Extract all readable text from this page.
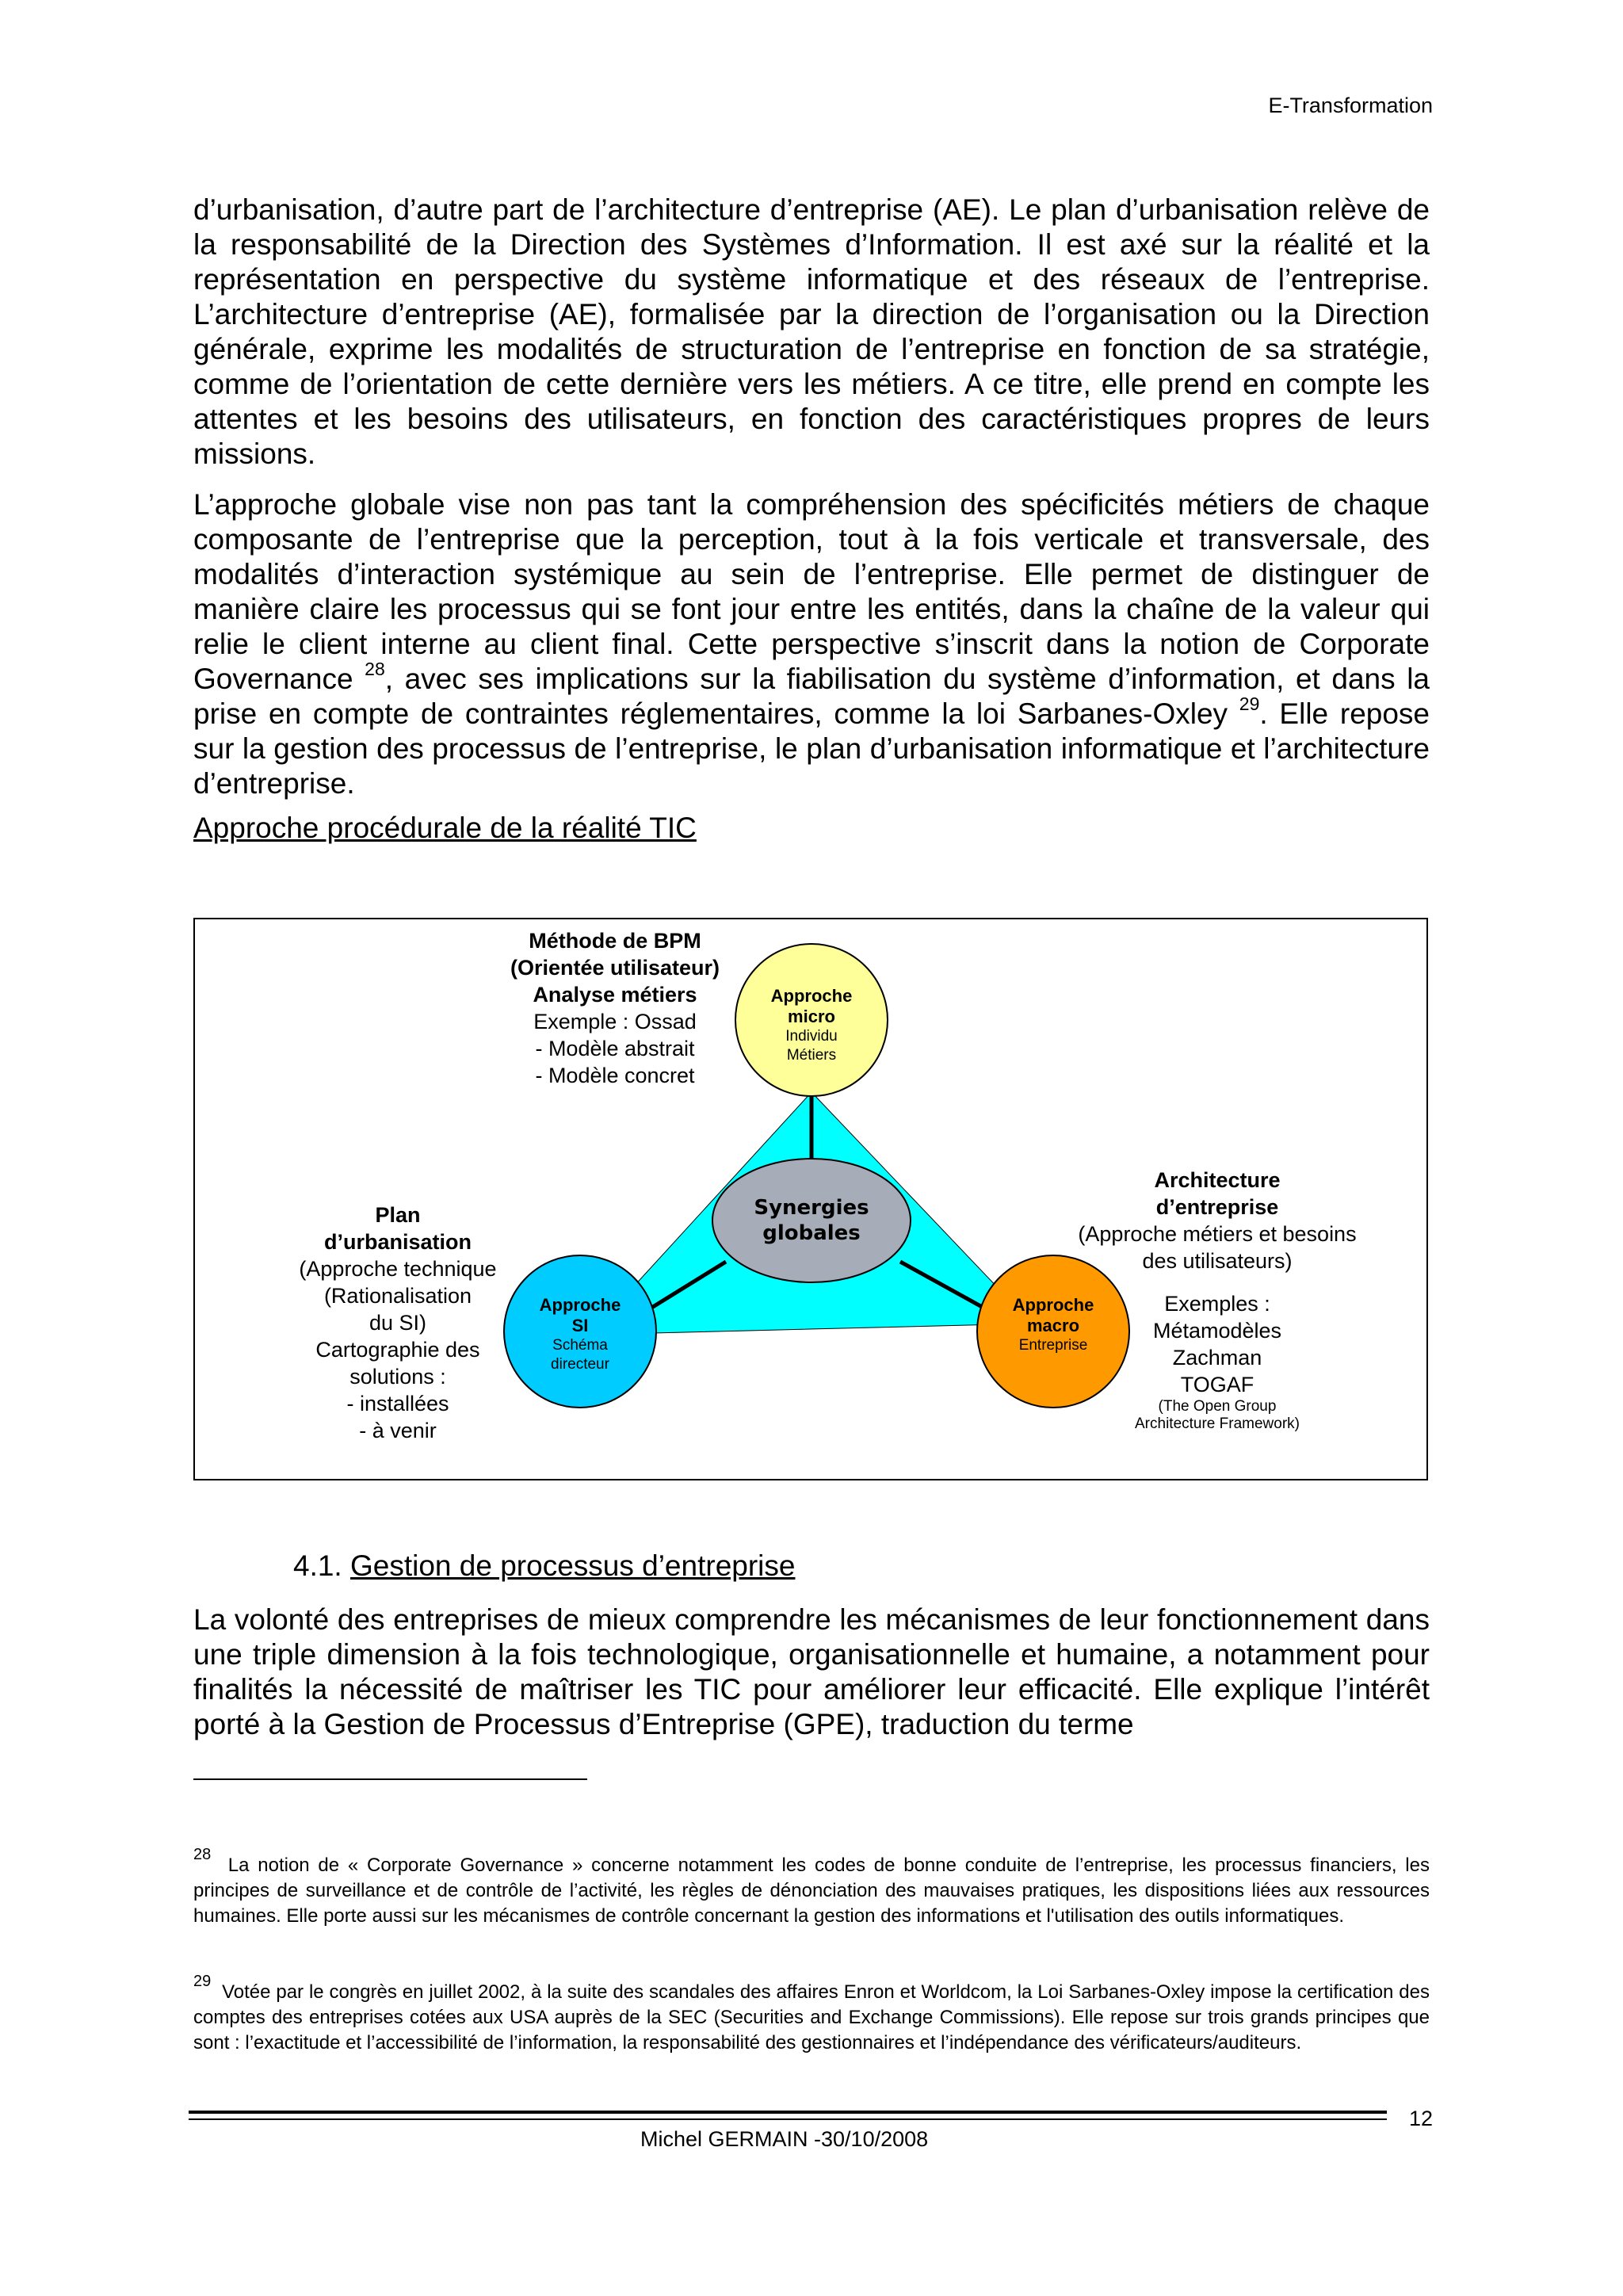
E-Transformation
d’urbanisation, d’autre part de l’architecture d’entreprise (AE). Le plan d’urbanisation relève de la responsabilité de la Direction des Systèmes d’Information. Il est axé sur la réalité et la représentation en perspective du système informatique et des réseaux de l’entreprise. L’architecture d’entreprise (AE), formalisée par la direction de l’organisation ou la Direction générale, exprime les modalités de structuration de l’entreprise en fonction de sa stratégie, comme de l’orientation de cette dernière vers les métiers. A ce titre, elle prend en compte les attentes et les besoins des utilisateurs, en fonction des caractéristiques propres de leurs missions.
L’approche globale vise non pas tant la compréhension des spécificités métiers de chaque composante de l’entreprise que la perception, tout à la fois verticale et transversale, des modalités d’interaction systémique au sein de l’entreprise. Elle permet de distinguer de manière claire les processus qui se font jour entre les entités, dans la chaîne de la valeur qui relie le client interne au client final. Cette perspective s’inscrit dans la notion de Corporate Governance $^{28}$, avec ses implications sur la fiabilisation du système d’information, et dans la prise en compte de contraintes réglementaires, comme la loi Sarbanes-Oxley $^{29}$. Elle repose sur la gestion des processus de l’entreprise, le plan d’urbanisation informatique et l’architecture d’entreprise.
Approche procédurale de la réalité TIC
Méthode de BPM
(Orientée utilisateur)
Analyse métiers
Exemple : Ossad
- Modèle abstrait
- Modèle concret
Plan
d’urbanisation
(Approche technique
(Rationalisation
du SI)
Cartographie des
solutions :
- installées
- à venir
Architecture
d’entreprise
(Approche métiers et besoins
des utilisateurs)
Exemples :
Métamodèles
Zachman
TOGAF
(The Open Group
Architecture Framework)
Approche
micro
Individu
Métiers
Approche
SI
Schéma
directeur
Approche
macro
Entreprise
Synergies
globales
4.1. Gestion de processus d’entreprise
La volonté des entreprises de mieux comprendre les mécanismes de leur fonctionnement dans une triple dimension à la fois technologique, organisationnelle et humaine, a notamment pour finalités la nécessité de maîtriser les TIC pour améliorer leur efficacité. Elle explique l’intérêt porté à la Gestion de Processus d’Entreprise (GPE), traduction du terme
$^{28}$ La notion de « Corporate Governance » concerne notamment les codes de bonne conduite de l’entreprise, les processus financiers, les principes de surveillance et de contrôle de l’activité, les règles de dénonciation des mauvaises pratiques, les dispositions liées aux ressources humaines. Elle porte aussi sur les mécanismes de contrôle concernant la gestion des informations et l'utilisation des outils informatiques.
$^{29}$ Votée par le congrès en juillet 2002, à la suite des scandales des affaires Enron et Worldcom, la Loi Sarbanes-Oxley impose la certification des comptes des entreprises cotées aux USA auprès de la SEC (Securities and Exchange Commissions). Elle repose sur trois grands principes que sont : l’exactitude et l’accessibilité de l’information, la responsabilité des gestionnaires et l’indépendance des vérificateurs/auditeurs.
Michel GERMAIN -30/10/2008
12
